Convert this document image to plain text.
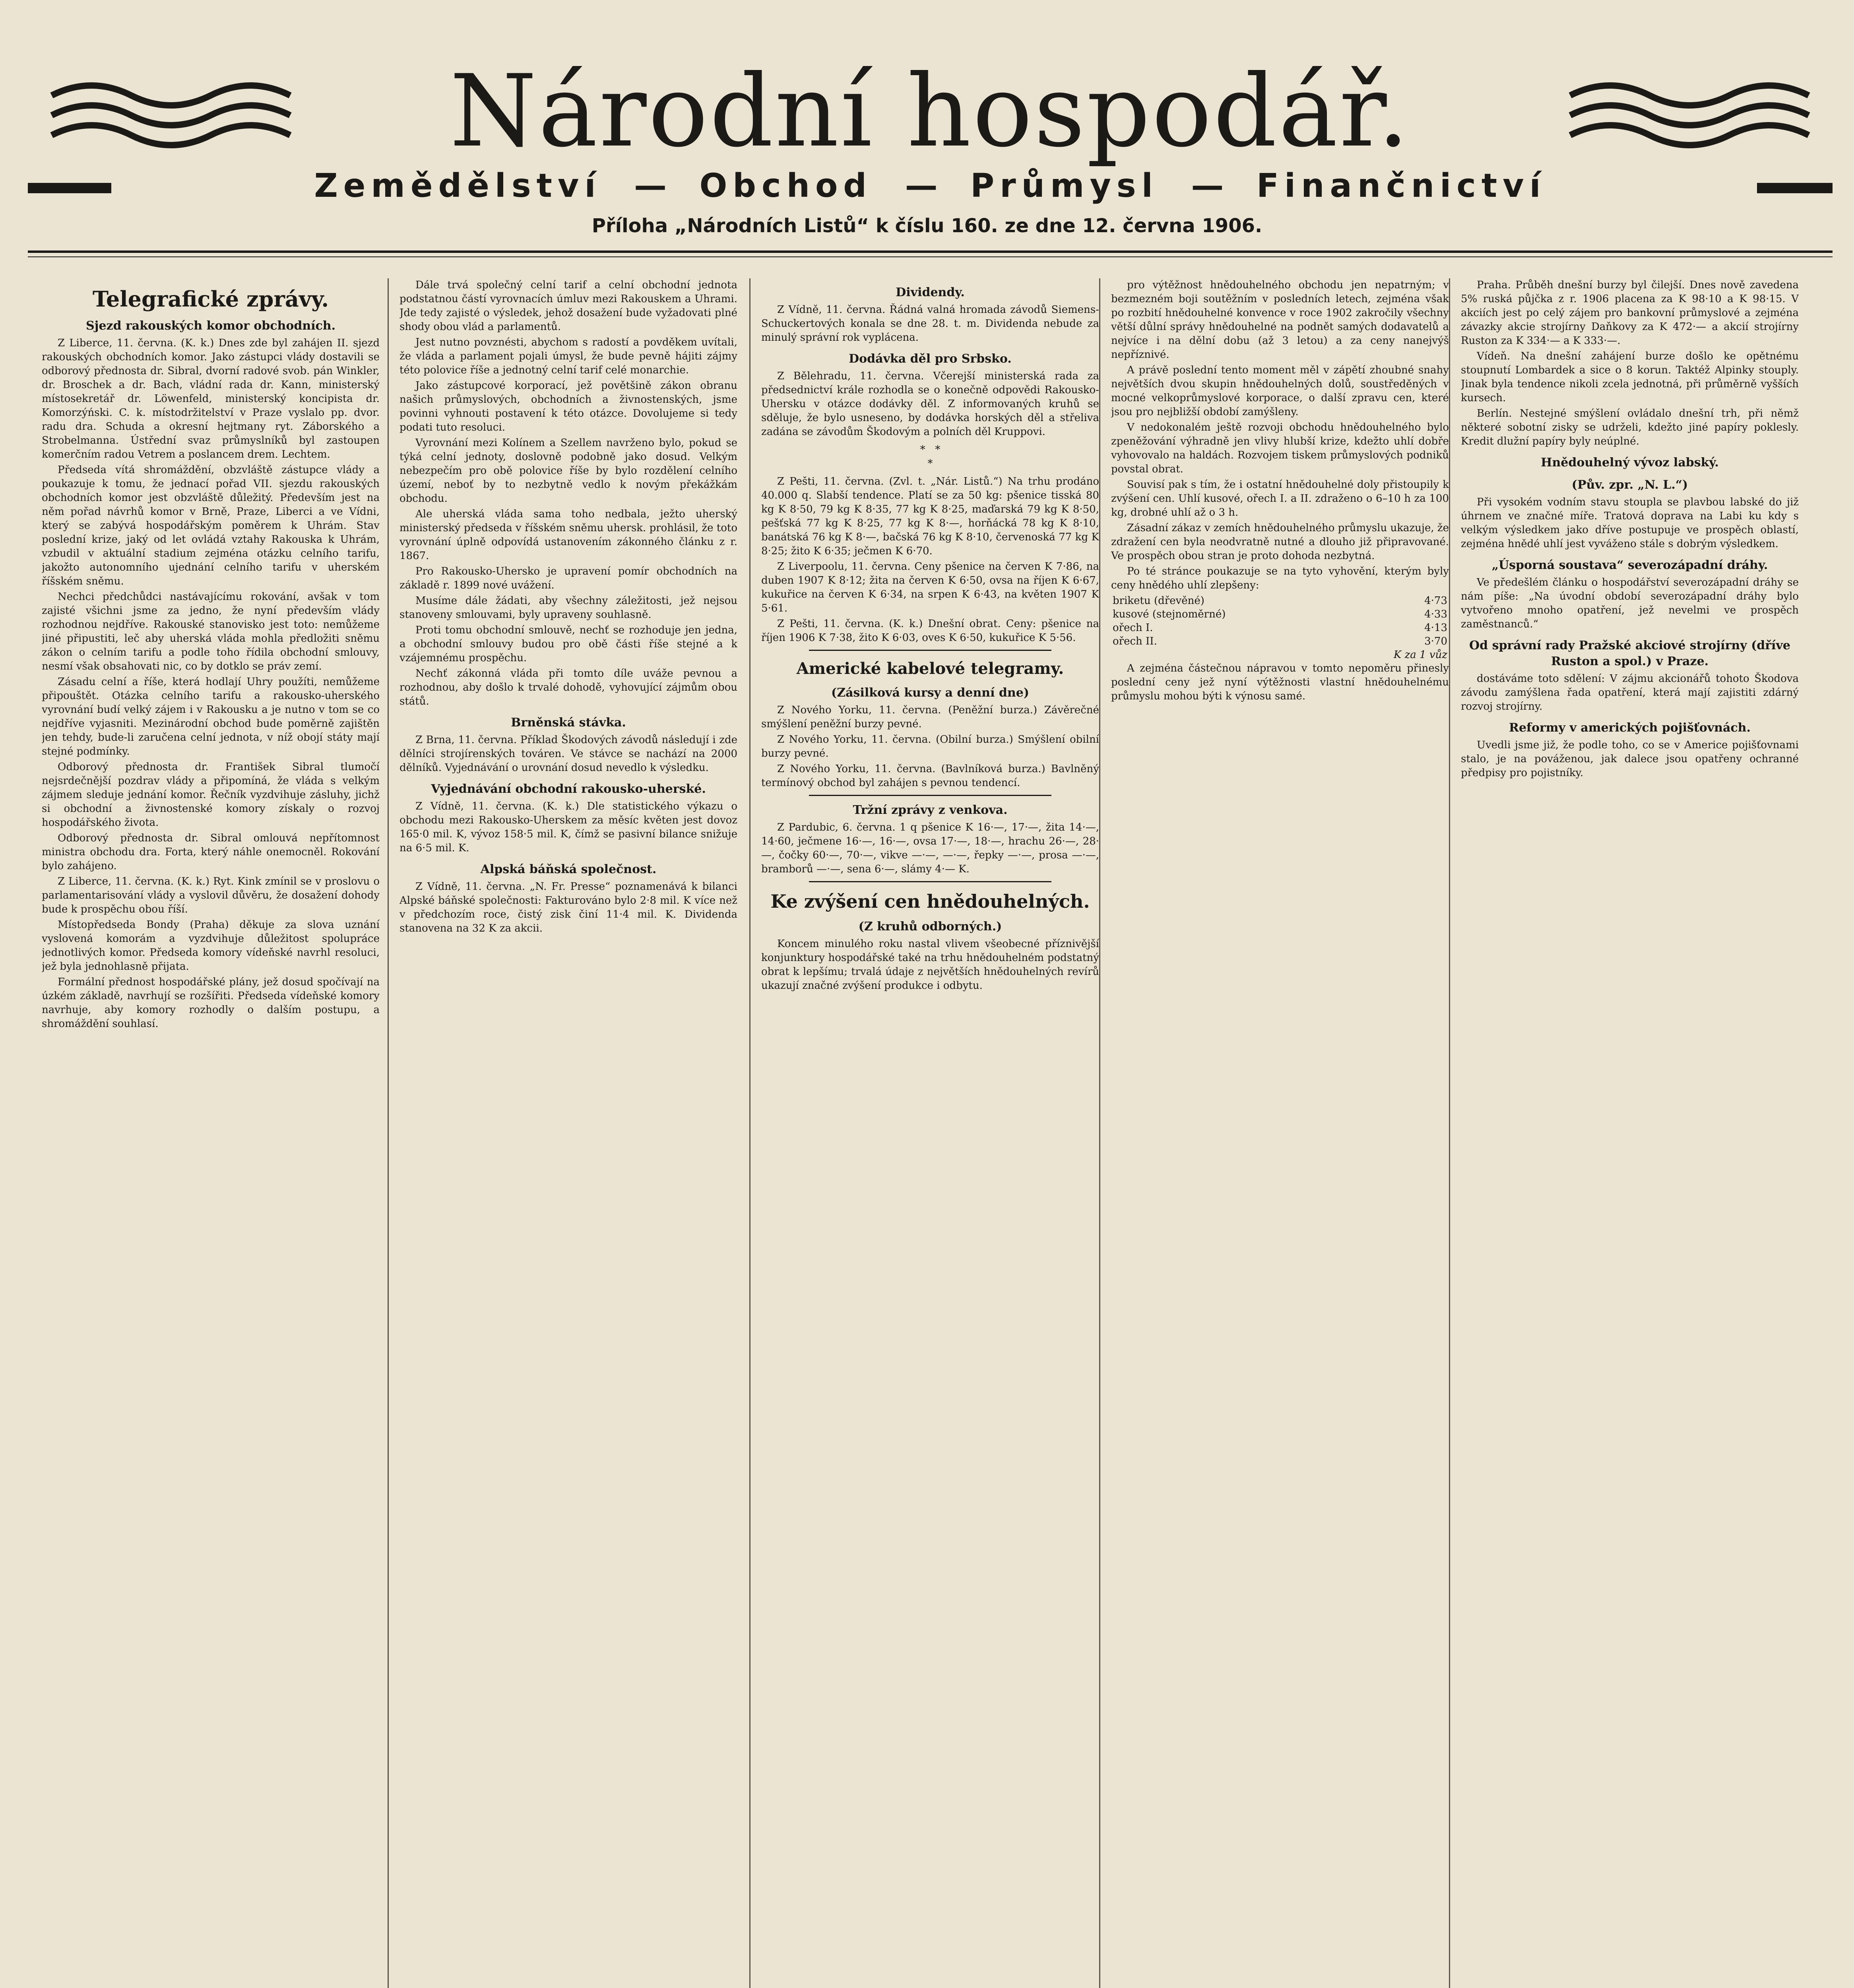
Národní hospodář.
Zemědělství — Obchod — Průmysl — Finančnictví
Příloha „Národních Listů“ k číslu 160. ze dne 12. června 1906.
Telegrafické zprávy.
Sjezd rakouských komor obchodních.

Z Liberce, 11. června. (K. k.) Dnes zde byl zahájen II. sjezd rakouských obchodních komor. Jako zástupci vlády dostavili se odborový přednosta dr. Sibral, dvorní radové svob. pán Winkler, dr. Broschek a dr. Bach, vládní rada dr. Kann, ministerský místosekretář dr. Löwenfeld, ministerský koncipista dr. Komorzýński. C. k. místodržitelství v Praze vyslalo pp. dvor. radu dra. Schuda a okresní hejtmany ryt. Záborského a Strobelmanna. Ústřední svaz průmyslníků byl zastoupen komerčním radou Vetrem a poslancem drem. Lechtem.

Předseda vítá shromáždění, obzvláště zástupce vlády a poukazuje k tomu, že jednací pořad VII. sjezdu rakouských obchodních komor jest obzvláště důležitý. Především jest na něm pořad návrhů komor v Brně, Praze, Liberci a ve Vídni, který se zabývá hospodářským poměrem k Uhrám. Stav poslední krize, jaký od let ovládá vztahy Rakouska k Uhrám, vzbudil v aktuální stadium zejména otázku celního tarifu, jakožto autonomního ujednání celního tarifu v uherském říšském sněmu.

Nechci předchůdci nastávajícímu rokování, avšak v tom zajisté všichni jsme za jedno, že nyní především vlády rozhodnou nejdříve. Rakouské stanovisko jest toto: nemůžeme jiné připustiti, leč aby uherská vláda mohla předložiti sněmu zákon o celním tarifu a podle toho řídila obchodní smlouvy, nesmí však obsahovati nic, co by dotklo se práv zemí.

Zásadu celní a říše, která hodlají Uhry použíti, nemůžeme připouštět. Otázka celního tarifu a rakousko-uherského vyrovnání budí velký zájem i v Rakousku a je nutno v tom se co nejdříve vyjasniti. Mezinárodní obchod bude poměrně zajištěn jen tehdy, bude-li zaručena celní jednota, v níž obojí státy mají stejné podmínky.

Odborový přednosta dr. František Sibral tlumočí nejsrdečnější pozdrav vlády a připomíná, že vláda s velkým zájmem sleduje jednání komor. Řečník vyzdvihuje zásluhy, jichž si obchodní a živnostenské komory získaly o rozvoj hospodářského života.

Odborový přednosta dr. Sibral omlouvá nepřítomnost ministra obchodu dra. Forta, který náhle onemocněl. Rokování bylo zahájeno.

Z Liberce, 11. června. (K. k.) Ryt. Kink zmínil se v proslovu o parlamentarisování vlády a vyslovil důvěru, že dosažení dohody bude k prospěchu obou říší.

Místopředseda Bondy (Praha) děkuje za slova uznání vyslovená komorám a vyzdvihuje důležitost spolupráce jednotlivých komor. Předseda komory vídeňské navrhl resoluci, jež byla jednohlasně přijata.

Formální přednost hospodářské plány, jež dosud spočívají na úzkém základě, navrhují se rozšířiti. Předseda vídeňské komory navrhuje, aby komory rozhodly o dalším postupu, a shromáždění souhlasí.

Dále trvá společný celní tarif a celní obchodní jednota podstatnou částí vyrovnacích úmluv mezi Rakouskem a Uhrami. Jde tedy zajisté o výsledek, jehož dosažení bude vyžadovati plné shody obou vlád a parlamentů.

Jest nutno povznésti, abychom s radostí a povděkem uvítali, že vláda a parlament pojali úmysl, že bude pevně hájiti zájmy této polovice říše a jednotný celní tarif celé monarchie.

Jako zástupcové korporací, jež povětšině zákon obranu našich průmyslových, obchodních a živnostenských, jsme povinni vyhnouti postavení k této otázce. Dovolujeme si tedy podati tuto resoluci.

Vyrovnání mezi Kolínem a Szellem navrženo bylo, pokud se týká celní jednoty, doslovně podobně jako dosud. Velkým nebezpečím pro obě polovice říše by bylo rozdělení celního území, neboť by to nezbytně vedlo k novým překážkám obchodu.

Ale uherská vláda sama toho nedbala, ježto uherský ministerský předseda v říšském sněmu uhersk. prohlásil, že toto vyrovnání úplně odpovídá ustanovením zákonného článku z r. 1867.

Pro Rakousko-Uhersko je upravení pomír obchodních na základě r. 1899 nové uvážení.

Musíme dále žádati, aby všechny záležitosti, jež nejsou stanoveny smlouvami, byly upraveny souhlasně.

Proti tomu obchodní smlouvě, nechť se rozhoduje jen jedna, a obchodní smlouvy budou pro obě části říše stejné a k vzájemnému prospěchu.

Nechť zákonná vláda při tomto díle uváže pevnou a rozhodnou, aby došlo k trvalé dohodě, vyhovující zájmům obou států.

Brněnská stávka.

Z Brna, 11. června. Příklad Škodových závodů následují i zde dělníci strojírenských továren. Ve stávce se nachází na 2000 dělníků. Vyjednávání o urovnání dosud nevedlo k výsledku.

Vyjednávání obchodní rakousko-uherské.

Z Vídně, 11. června. (K. k.) Dle statistického výkazu o obchodu mezi Rakousko-Uherskem za měsíc květen jest dovoz 165·0 mil. K, vývoz 158·5 mil. K, čímž se pasivní bilance snižuje na 6·5 mil. K.

Alpská báňská společnost.

Z Vídně, 11. června. „N. Fr. Presse“ poznamenává k bilanci Alpské báňské společnosti: Fakturováno bylo 2·8 mil. K více než v předchozím roce, čistý zisk činí 11·4 mil. K. Dividenda stanovena na 32 K za akcii.

Dividendy.

Z Vídně, 11. června. Řádná valná hromada závodů Siemens-Schuckertových konala se dne 28. t. m. Dividenda nebude za minulý správní rok vyplácena.

Dodávka děl pro Srbsko.

Z Bělehradu, 11. června. Včerejší ministerská rada za předsednictví krále rozhodla se o konečně odpovědi Rakousko-Uhersku v otázce dodávky děl. Z informovaných kruhů se sděluje, že bylo usneseno, by dodávka horských děl a střeliva zadána se závodům Škodovým a polních děl Kruppovi.

*   *
*

Z Pešti, 11. června. (Zvl. t. „Nár. Listů.“) Na trhu prodáno 40.000 q. Slabší tendence. Platí se za 50 kg: pšenice tisská 80 kg K 8·50, 79 kg K 8·35, 77 kg K 8·25, maďarská 79 kg K 8·50, pešťská 77 kg K 8·25, 77 kg K 8·—, horňácká 78 kg K 8·10, banátská 76 kg K 8·—, bačská 76 kg K 8·10, červenoská 77 kg K 8·25; žito K 6·35; ječmen K 6·70.

Z Liverpoolu, 11. června. Ceny pšenice na červen K 7·86, na duben 1907 K 8·12; žita na červen K 6·50, ovsa na říjen K 6·67, kukuřice na červen K 6·34, na srpen K 6·43, na květen 1907 K 5·61.

Z Pešti, 11. června. (K. k.) Dnešní obrat. Ceny: pšenice na říjen 1906 K 7·38, žito K 6·03, oves K 6·50, kukuřice K 5·56.

Americké kabelové telegramy.
(Zásilková kursy a denní dne)

Z Nového Yorku, 11. června. (Peněžní burza.) Závěrečné smýšlení peněžní burzy pevné.

Z Nového Yorku, 11. června. (Obilní burza.) Smýšlení obilní burzy pevné.

Z Nového Yorku, 11. června. (Bavlníková burza.) Bavlněný termínový obchod byl zahájen s pevnou tendencí.

Tržní zprávy z venkova.

Z Pardubic, 6. června. 1 q pšenice K 16·—, 17·—, žita 14·—, 14·60, ječmene 16·—, 16·—, ovsa 17·—, 18·—, hrachu 26·—, 28·—, čočky 60·—, 70·—, vikve —·—, —·—, řepky —·—, prosa —·—, bramborů —·—, sena 6·—, slámy 4·— K.

Ke zvýšení cen hnědouhelných.
(Z kruhů odborných.)

Koncem minulého roku nastal vlivem všeobecné příznivější konjunktury hospodářské také na trhu hnědouhelném podstatný obrat k lepšímu; trvalá údaje z největších hnědouhelných revírů ukazují značné zvýšení produkce i odbytu.

pro výtěžnost hnědouhelného obchodu jen nepatrným; v bezmezném boji soutěžním v posledních letech, zejména však po rozbití hnědouhelné konvence v roce 1902 zakročily všechny větší důlní správy hnědouhelné na podnět samých dodavatelů a nejvíce i na dělní dobu (až 3 letou) a za ceny nanejvýš nepříznivé.

A právě poslední tento moment měl v zápětí zhoubné snahy největších dvou skupin hnědouhelných dolů, soustředěných v mocné velkoprůmyslové korporace, o další zpravu cen, které jsou pro nejbližší období zamýšleny.

V nedokonalém ještě rozvoji obchodu hnědouhelného bylo zpeněžování výhradně jen vlivy hlubší krize, kdežto uhlí dobře vyhovovalo na haldách. Rozvojem tiskem průmyslových podniků povstal obrat.

Souvisí pak s tím, že i ostatní hnědouhelné doly přistoupily k zvýšení cen. Uhlí kusové, ořech I. a II. zdraženo o 6–10 h za 100 kg, drobné uhlí až o 3 h.

Zásadní zákaz v zemích hnědouhelného průmyslu ukazuje, že zdražení cen byla neodvratně nutné a dlouho již připravované. Ve prospěch obou stran je proto dohoda nezbytná.

Po té stránce poukazuje se na tyto vyhovění, kterým byly ceny hnědého uhlí zlepšeny:

briketu (dřevěné)	4·73
kusové (stejnoměrné)	4·33
ořech I.	4·13
ořech II.	3·70
K za 1 vůz	

A zejména částečnou nápravou v tomto nepoměru přinesly poslední ceny jež nyní výtěžnosti vlastní hnědouhelnému průmyslu mohou býti k výnosu samé.

Praha. Průběh dnešní burzy byl čilejší. Dnes nově zavedena 5% ruská půjčka z r. 1906 placena za K 98·10 a K 98·15. V akciích jest po celý zájem pro bankovní průmyslové a zejména závazky akcie strojírny Daňkovy za K 472·— a akcií strojírny Ruston za K 334·— a K 333·—.

Vídeň. Na dnešní zahájení burze došlo ke opětnému stoupnutí Lombardek a sice o 8 korun. Taktéž Alpinky stouply. Jinak byla tendence nikoli zcela jednotná, při průměrně vyšších kursech.

Berlín. Nestejné smýšlení ovládalo dnešní trh, při němž některé sobotní zisky se udrželi, kdežto jiné papíry poklesly. Kredit dlužní papíry byly neúplné.

Hnědouhelný vývoz labský.
(Pův. zpr. „N. L.“)

Při vysokém vodním stavu stoupla se plavbou labské do již úhrnem ve značné míře. Tratová doprava na Labi ku kdy s velkým výsledkem jako dříve postupuje ve prospěch oblastí, zejména hnědé uhlí jest vyváženo stále s dobrým výsledkem.

„Úsporná soustava“ severozápadní dráhy.

Ve předešlém článku o hospodářství severozápadní dráhy se nám píše: „Na úvodní období severozápadní dráhy bylo vytvořeno mnoho opatření, jež nevelmi ve prospěch zaměstnanců.“

Od správní rady Pražské akciové strojírny (dříve Ruston a spol.) v Praze.

dostáváme toto sdělení: V zájmu akcionářů tohoto Škodova závodu zamýšlena řada opatření, která mají zajistiti zdárný rozvoj strojírny.

Reformy v amerických pojišťovnách.

Uvedli jsme již, že podle toho, co se v Americe pojišťovnami stalo, je na pováženou, jak dalece jsou opatřeny ochranné předpisy pro pojistníky.
